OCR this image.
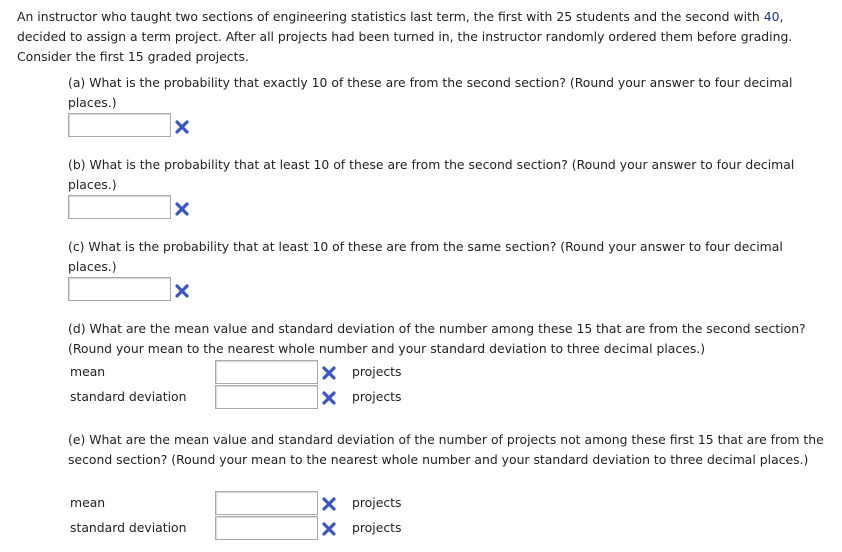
An instructor who taught two sections of engineering statistics last term, the first with 25 students and the second with 40, decided to assign a term project. After all projects had been turned in, the instructor randomly ordered them before grading. Consider the first 15 graded projects.
(a) What is the probability that exactly 10 of these are from the second section? (Round your answer to four decimal places.)
(b) What is the probability that at least 10 of these are from the second section? (Round your answer to four decimal places.)
(c) What is the probability that at least 10 of these are from the same section? (Round your answer to four decimal places.)
(d) What are the mean value and standard deviation of the number among these 15 that are from the second section? (Round your mean to the nearest whole number and your standard deviation to three decimal places.)
mean	projects
standard deviation	projects
(e) What are the mean value and standard deviation of the number of projects not among these first 15 that are from the second section? (Round your mean to the nearest whole number and your standard deviation to three decimal places.)
mean	projects
standard deviation	projects
